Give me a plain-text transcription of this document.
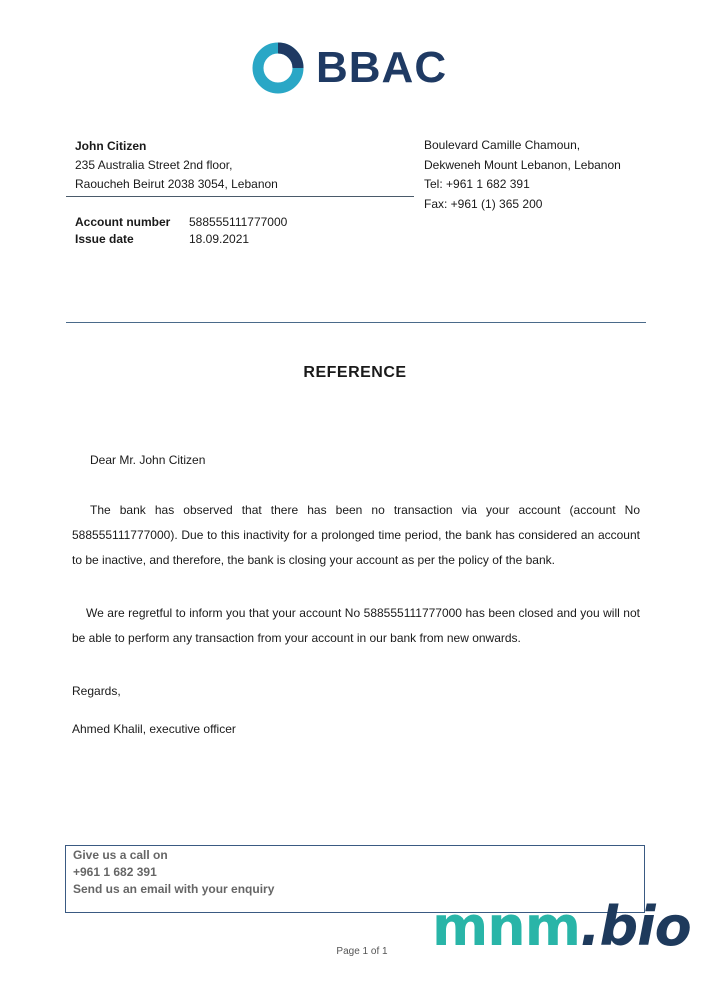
BBAC
John Citizen
235 Australia Street 2nd floor,
Raoucheh Beirut 2038 3054, Lebanon
Boulevard Camille Chamoun,
Dekweneh Mount Lebanon, Lebanon
Tel: +961 1 682 391
Fax: +961 (1) 365 200
Account number	588555111777000
Issue date	18.09.2021
REFERENCE
Dear Mr. John Citizen
The bank has observed that there has been no transaction via your account (account No 588555111777000). Due to this inactivity for a prolonged time period, the bank has considered an account to be inactive, and therefore, the bank is closing your account as per the policy of the bank.
We are regretful to inform you that your account No 588555111777000 has been closed and you will not be able to perform any transaction from your account in our bank from new onwards.
Regards,
Ahmed Khalil, executive officer
Give us a call on
+961 1 682 391
Send us an email with your enquiry
Page 1 of 1 mnm.bio
